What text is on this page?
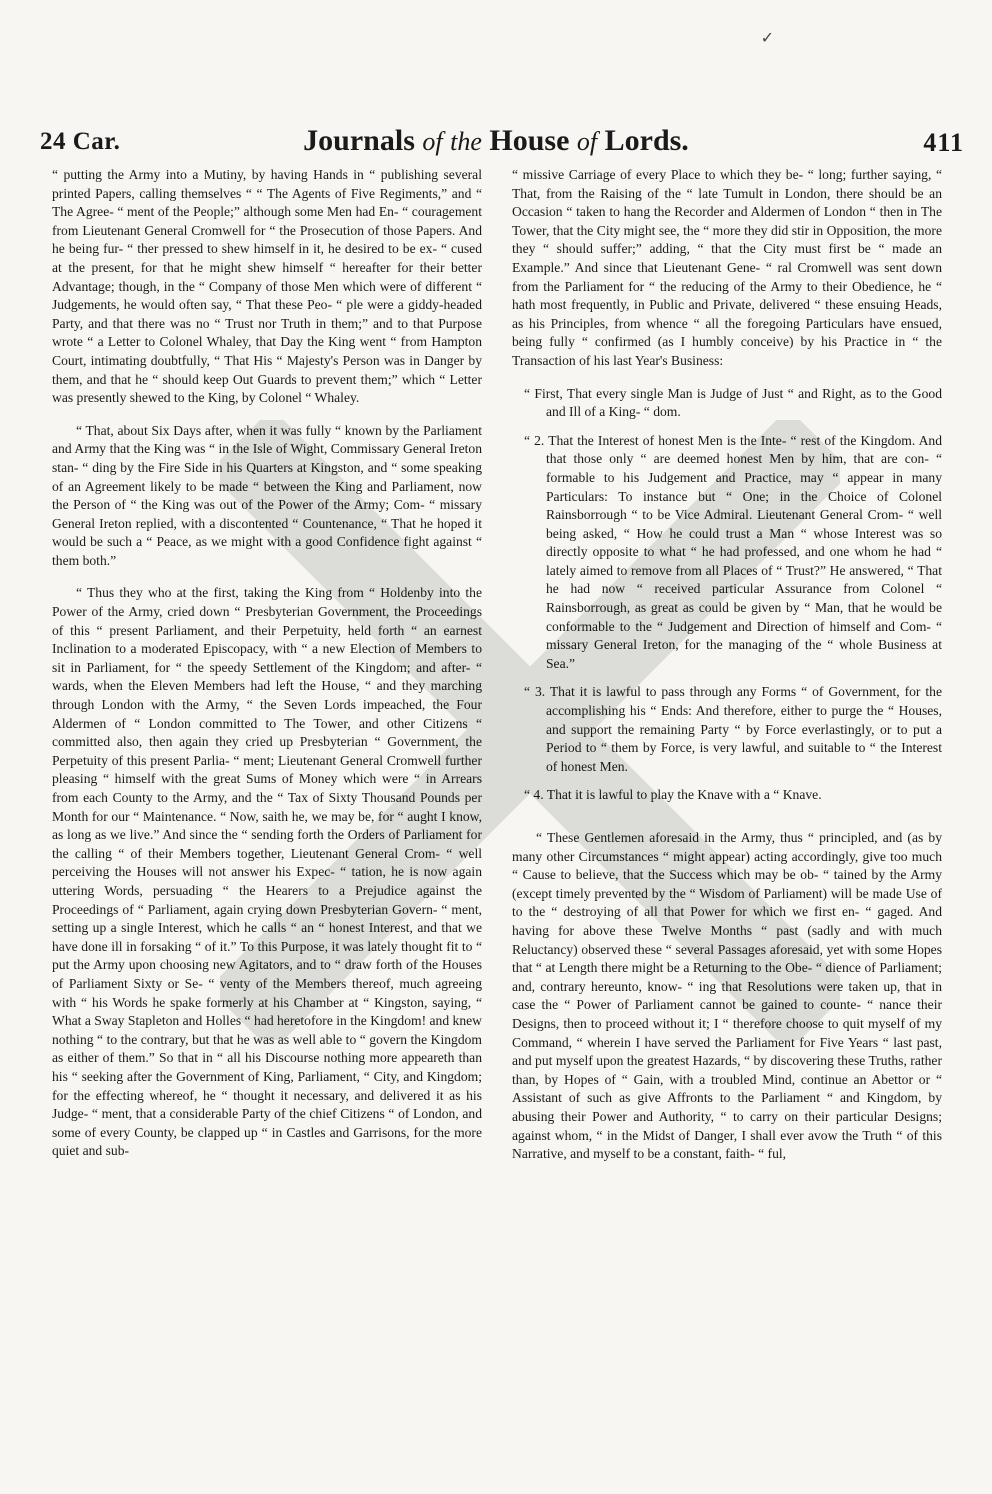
✓
24 Car.	Journals of the House of Lords.	411

“ putting the Army into a Mutiny, by having Hands in “ publishing several printed Papers, calling themselves “ “ The Agents of Five Regiments,” and “ The Agree- “ ment of the People;” although some Men had En- “ couragement from Lieutenant General Cromwell for “ the Prosecution of those Papers. And he being fur- “ ther pressed to shew himself in it, he desired to be ex- “ cused at the present, for that he might shew himself “ hereafter for their better Advantage; though, in the “ Company of those Men which were of different “ Judgements, he would often say, “ That these Peo- “ ple were a giddy-headed Party, and that there was no “ Trust nor Truth in them;” and to that Purpose wrote “ a Letter to Colonel Whaley, that Day the King went “ from Hampton Court, intimating doubtfully, “ That His “ Majesty's Person was in Danger by them, and that he “ should keep Out Guards to prevent them;” which “ Letter was presently shewed to the King, by Colonel “ Whaley.

“ That, about Six Days after, when it was fully “ known by the Parliament and Army that the King was “ in the Isle of Wight, Commissary General Ireton stan- “ ding by the Fire Side in his Quarters at Kingston, and “ some speaking of an Agreement likely to be made “ between the King and Parliament, now the Person of “ the King was out of the Power of the Army; Com- “ missary General Ireton replied, with a discontented “ Countenance, “ That he hoped it would be such a “ Peace, as we might with a good Confidence fight against “ them both.”

“ Thus they who at the first, taking the King from “ Holdenby into the Power of the Army, cried down “ Presbyterian Government, the Proceedings of this “ present Parliament, and their Perpetuity, held forth “ an earnest Inclination to a moderated Episcopacy, with “ a new Election of Members to sit in Parliament, for “ the speedy Settlement of the Kingdom; and after- “ wards, when the Eleven Members had left the House, “ and they marching through London with the Army, “ the Seven Lords impeached, the Four Aldermen of “ London committed to The Tower, and other Citizens “ committed also, then again they cried up Presbyterian “ Government, the Perpetuity of this present Parlia- “ ment; Lieutenant General Cromwell further pleasing “ himself with the great Sums of Money which were “ in Arrears from each County to the Army, and the “ Tax of Sixty Thousand Pounds per Month for our “ Maintenance. “ Now, saith he, we may be, for “ aught I know, as long as we live.” And since the “ sending forth the Orders of Parliament for the calling “ of their Members together, Lieutenant General Crom- “ well perceiving the Houses will not answer his Expec- “ tation, he is now again uttering Words, persuading “ the Hearers to a Prejudice against the Proceedings of “ Parliament, again crying down Presbyterian Govern- “ ment, setting up a single Interest, which he calls “ an “ honest Interest, and that we have done ill in forsaking “ of it.” To this Purpose, it was lately thought fit to “ put the Army upon choosing new Agitators, and to “ draw forth of the Houses of Parliament Sixty or Se- “ venty of the Members thereof, much agreeing with “ his Words he spake formerly at his Chamber at “ Kingston, saying, “ What a Sway Stapleton and Holles “ had heretofore in the Kingdom! and knew nothing “ to the contrary, but that he was as well able to “ govern the Kingdom as either of them.” So that in “ all his Discourse nothing more appeareth than his “ seeking after the Government of King, Parliament, “ City, and Kingdom; for the effecting whereof, he “ thought it necessary, and delivered it as his Judge- “ ment, that a considerable Party of the chief Citizens “ of London, and some of every County, be clapped up “ in Castles and Garrisons, for the more quiet and sub-

“ missive Carriage of every Place to which they be- “ long; further saying, “ That, from the Raising of the “ late Tumult in London, there should be an Occasion “ taken to hang the Recorder and Aldermen of London “ then in The Tower, that the City might see, the “ more they did stir in Opposition, the more they “ should suffer;” adding, “ that the City must first be “ made an Example.” And since that Lieutenant Gene- “ ral Cromwell was sent down from the Parliament for “ the reducing of the Army to their Obedience, he “ hath most frequently, in Public and Private, delivered “ these ensuing Heads, as his Principles, from whence “ all the foregoing Particulars have ensued, being fully “ confirmed (as I humbly conceive) by his Practice in “ the Transaction of his last Year's Business:

“ First, That every single Man is Judge of Just “ and Right, as to the Good and Ill of a King- “ dom.

“ 2. That the Interest of honest Men is the Inte- “ rest of the Kingdom. And that those only “ are deemed honest Men by him, that are con- “ formable to his Judgement and Practice, may “ appear in many Particulars: To instance but “ One; in the Choice of Colonel Rainsborrough “ to be Vice Admiral. Lieutenant General Crom- “ well being asked, “ How he could trust a Man “ whose Interest was so directly opposite to what “ he had professed, and one whom he had “ lately aimed to remove from all Places of “ Trust?” He answered, “ That he had now “ received particular Assurance from Colonel “ Rainsborrough, as great as could be given by “ Man, that he would be conformable to the “ Judgement and Direction of himself and Com- “ missary General Ireton, for the managing of the “ whole Business at Sea.”

“ 3. That it is lawful to pass through any Forms “ of Government, for the accomplishing his “ Ends: And therefore, either to purge the “ Houses, and support the remaining Party “ by Force everlastingly, or to put a Period to “ them by Force, is very lawful, and suitable to “ the Interest of honest Men.

“ 4. That it is lawful to play the Knave with a “ Knave.

“ These Gentlemen aforesaid in the Army, thus “ principled, and (as by many other Circumstances “ might appear) acting accordingly, give too much “ Cause to believe, that the Success which may be ob- “ tained by the Army (except timely prevented by the “ Wisdom of Parliament) will be made Use of to the “ destroying of all that Power for which we first en- “ gaged. And having for above these Twelve Months “ past (sadly and with much Reluctancy) observed these “ several Passages aforesaid, yet with some Hopes that “ at Length there might be a Returning to the Obe- “ dience of Parliament; and, contrary hereunto, know- “ ing that Resolutions were taken up, that in case the “ Power of Parliament cannot be gained to counte- “ nance their Designs, then to proceed without it; I “ therefore choose to quit myself of my Command, “ wherein I have served the Parliament for Five Years “ last past, and put myself upon the greatest Hazards, “ by discovering these Truths, rather than, by Hopes of “ Gain, with a troubled Mind, continue an Abettor or “ Assistant of such as give Affronts to the Parliament “ and Kingdom, by abusing their Power and Authority, “ to carry on their particular Designs; against whom, “ in the Midst of Danger, I shall ever avow the Truth “ of this Narrative, and myself to be a constant, faith- “ ful,
